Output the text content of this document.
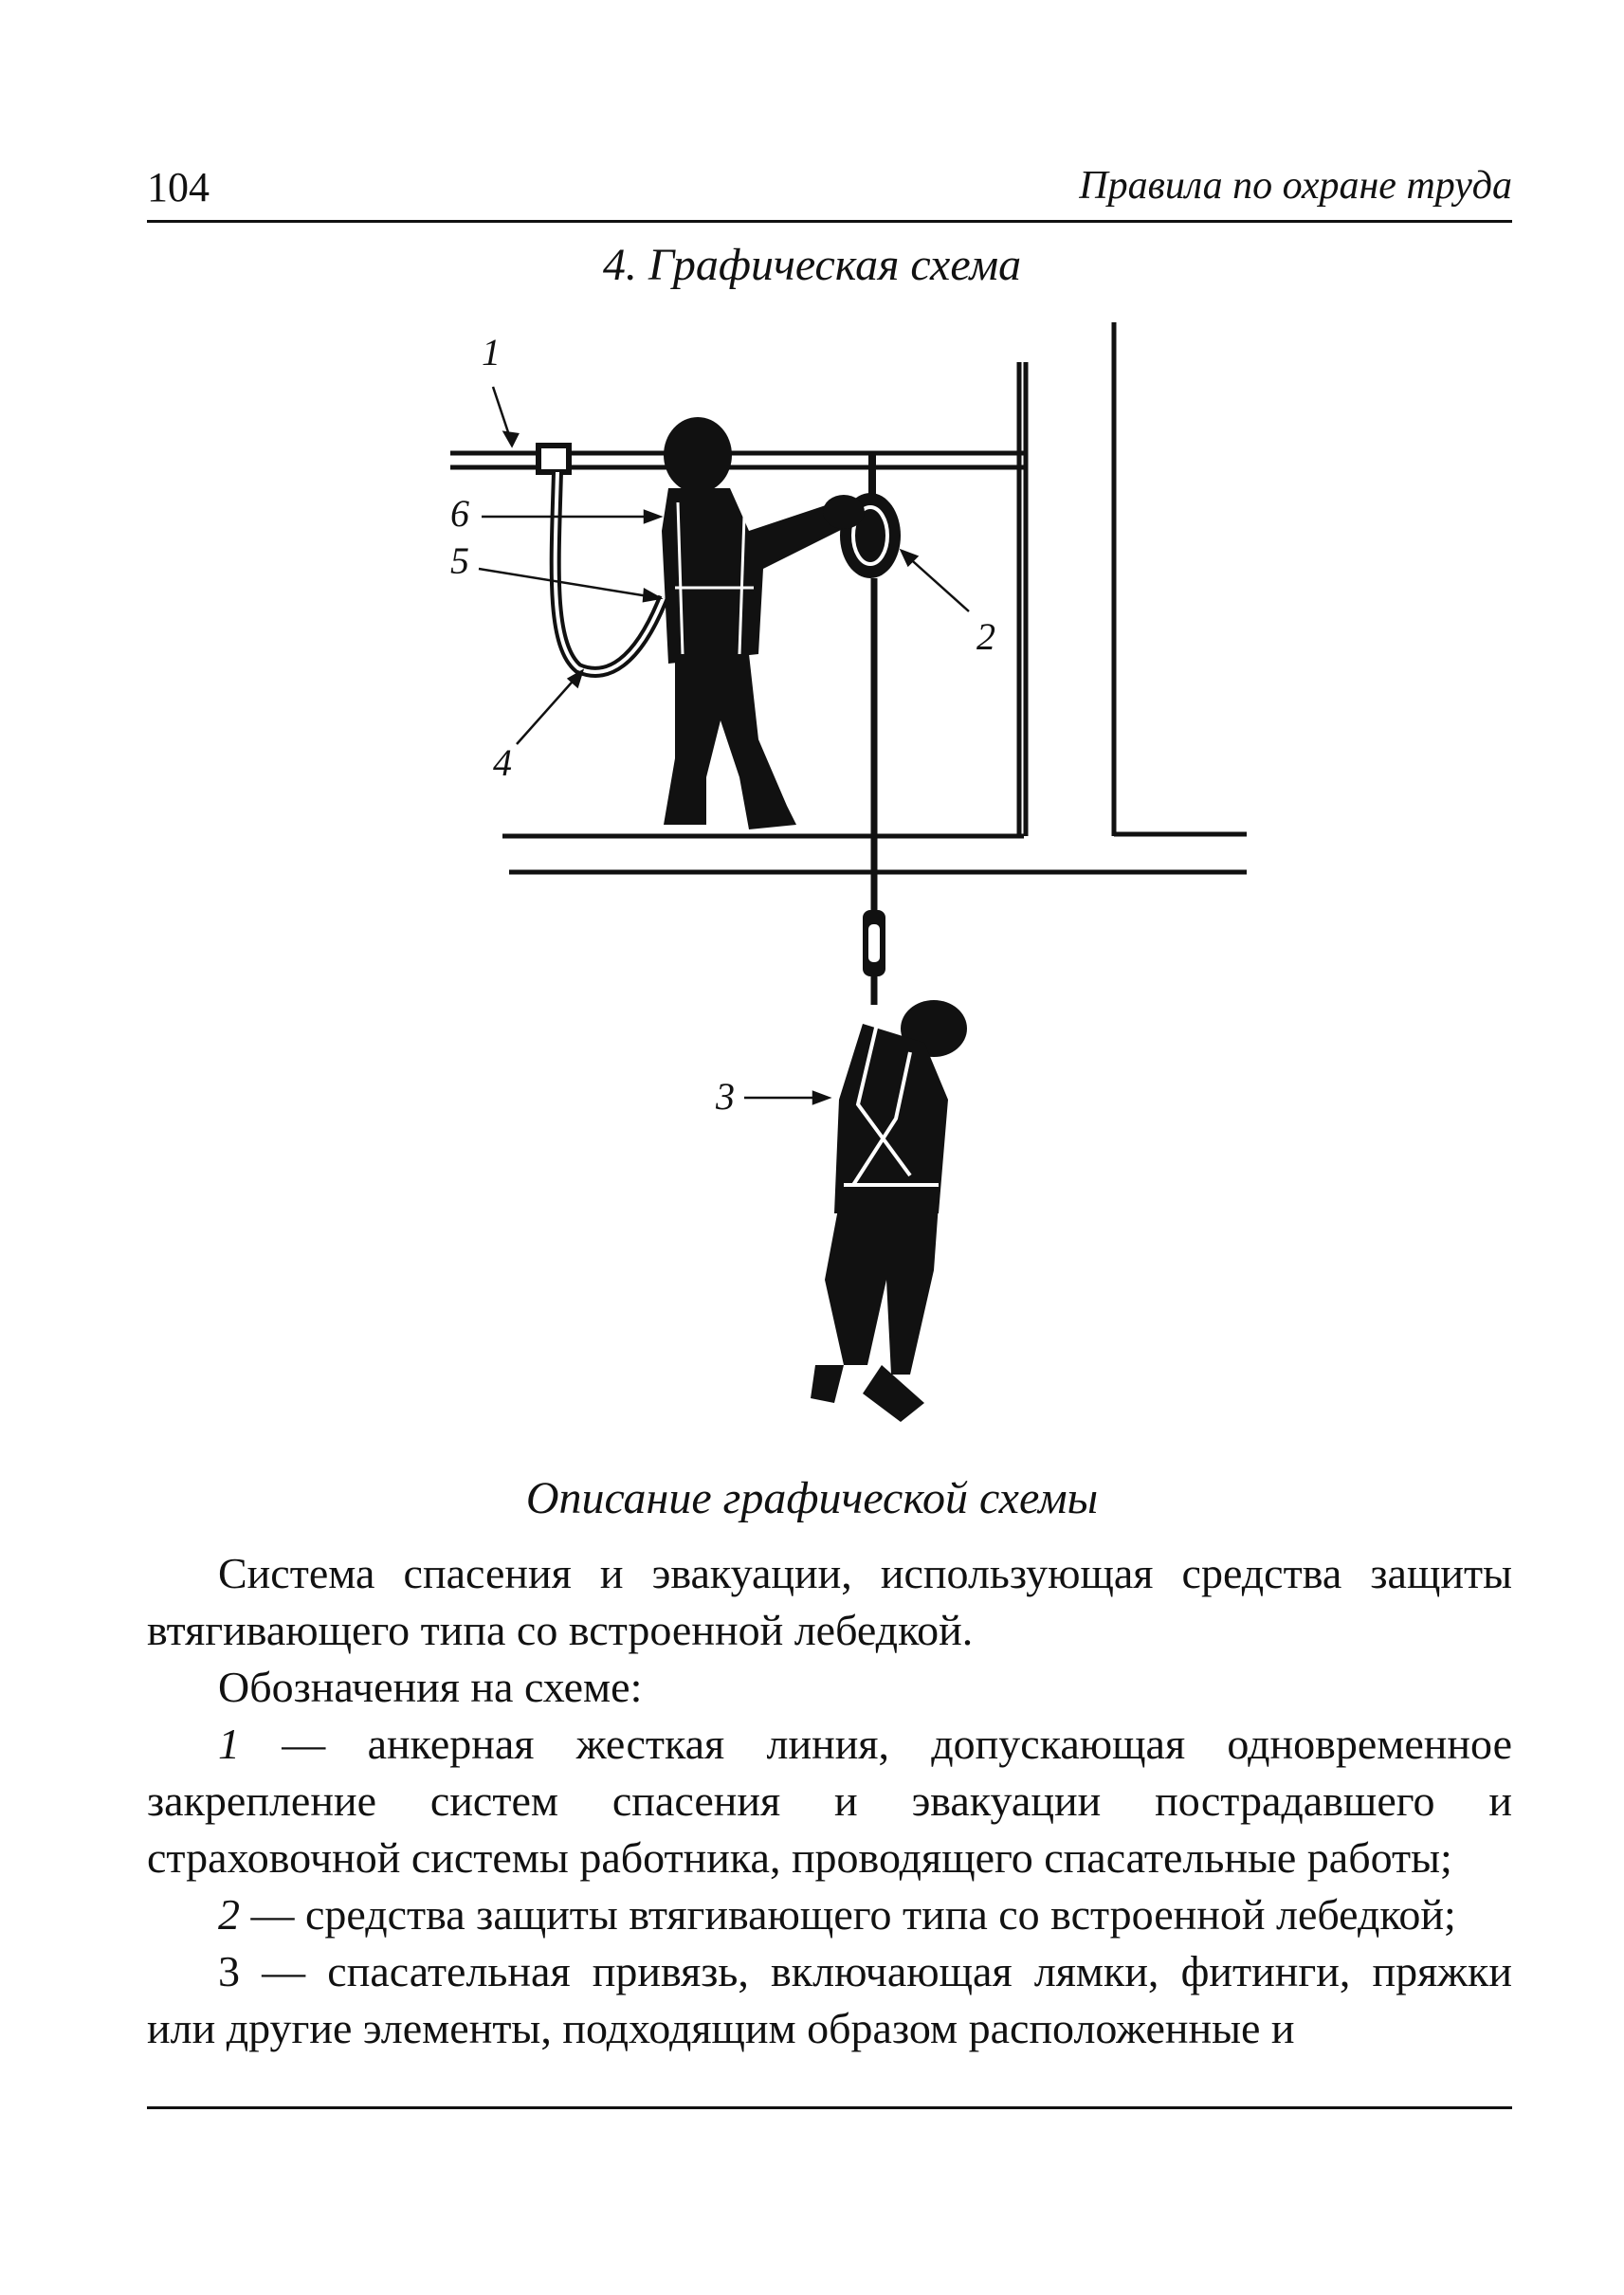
104	Правила по охране труда
4. Графическая схема
1
2
3
4
5
6
Описание графической схемы

Система спасения и эвакуации, использующая средства защиты втягивающего типа со встроенной лебедкой.

Обозначения на схеме:

1 — анкерная жесткая линия, допускающая одновременное закрепление систем спасения и эвакуации пострадавшего и страховочной системы работника, проводящего спасательные работы;

2 — средства защиты втягивающего типа со встроенной лебедкой;

3 — спасательная привязь, включающая лямки, фитинги, пряжки или другие элементы, подходящим образом расположенные и
